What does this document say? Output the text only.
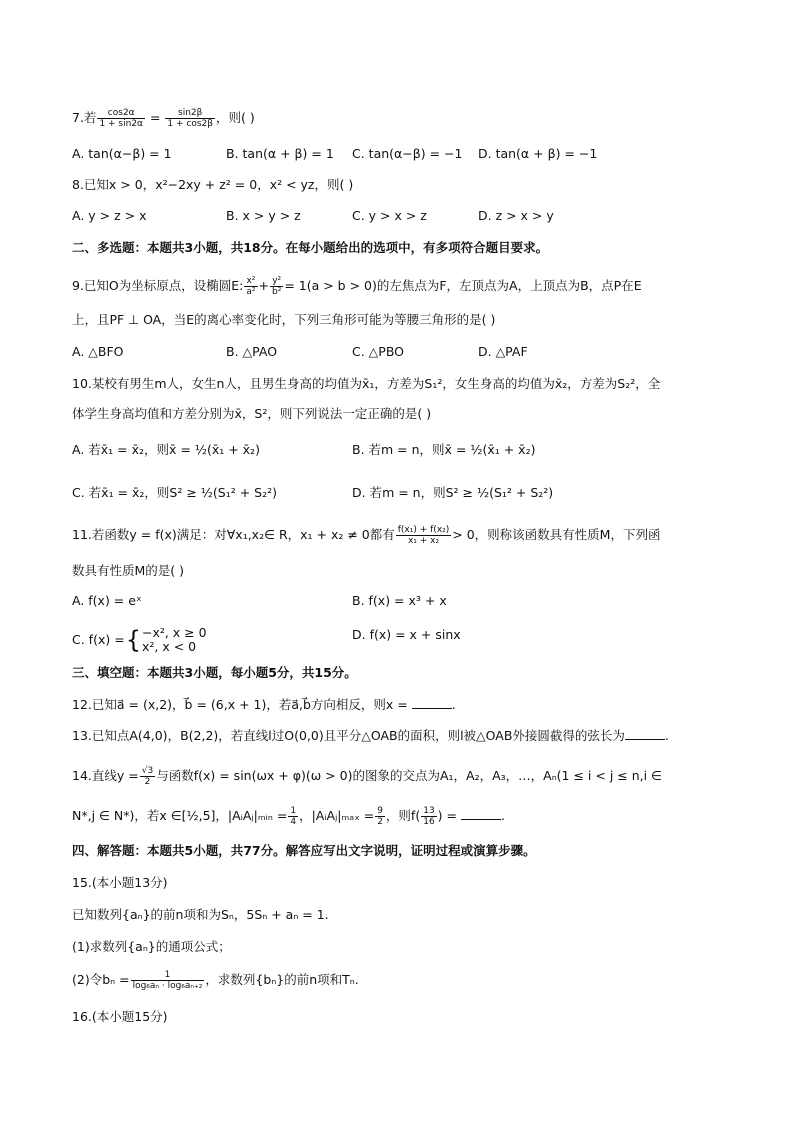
7.若 $\frac{\cos 2\alpha}{1 + \sin 2\alpha} = \frac{\sin 2\beta}{1 + \cos 2\beta}$ ，则( )
A. tan(α−β) = 1	B. tan(α + β) = 1 C. tan(α−β) = −1 D. tan(α + β) = −1
8.已知x > 0，x²−2xy + z² = 0，x² < yz，则( )
A. y > z > x	B. x > y > z	C. y > x > z	D. z > x > y
二、多选题：本题共3小题，共18分。在每小题给出的选项中，有多项符合题目要求。
9.已知O为坐标原点，设椭圆E: $\frac{\text{x²}}{\text{a²}} + \frac{\text{y²}}{\text{b²}} = 1(a > b > 0)$的左焦点为F，左顶点为A，上顶点为B，点P在E
上，且PF ⊥ OA，当E的离心率变化时，下列三角形可能为等腰三角形的是( )
A. △BFO	B. △PAO	C. △PBO	D. △PAF
10.某校有男生m人，女生n人，且男生身高的均值为x̄₁，方差为S₁²，女生身高的均值为x̄₂，方差为S₂²，全
体学生身高均值和方差分别为x̄，S²，则下列说法一定正确的是( )
A. 若x̄₁ = x̄₂，则x̄ = ½(x̄₁ + x̄₂)	B. 若m = n，则x̄ = ½(x̄₁ + x̄₂)
C. 若x̄₁ = x̄₂，则S² ≥ ½(S₁² + S₂²)	D. 若m = n，则S² ≥ ½(S₁² + S₂²)
11.若函数y = f(x)满足：对∀x₁,x₂∈ R，x₁ + x₂ ≠ 0都有 $\frac{\text{f(x₁) + f(x₂)}}{\text{x₁ + x₂}} > 0$，则称该函数具有性质M，下列函
数具有性质M的是( )
A. f(x) = eˣ	B. f(x) = x³ + x
C. f(x) = { −x², x ≥ 0
x², x < 0
D. f(x) = x + sinx
三、填空题：本题共3小题，每小题5分，共15分。
12.已知a⃗ = (x,2)，b⃗ = (6,x + 1)，若a⃗,b⃗方向相反，则x =	.
13.已知点A(4,0)，B(2,2)，若直线l过O(0,0)且平分△OAB的面积，则l被△OAB外接圆截得的弦长为	.
14.直线$y = \frac{√3}{2}$ 与函数f(x) = sin(ωx + φ)(ω > 0)的图象的交点为A₁，A₂，A₃，…，Aₙ(1 ≤ i < j ≤ n,i ∈
N*,j ∈ N*)，若x ∈[½,5]，|AᵢAⱼ|ₘᵢₙ = $\frac{1}{4}$ ，|AᵢAⱼ|ₘₐₓ = $\frac{9}{2}$ ，则$f( \frac{13}{16}$ ) =	.
四、解答题：本题共5小题，共77分。解答应写出文字说明，证明过程或演算步骤。
15.(本小题13分)
已知数列{aₙ}的前n项和为Sₙ，5Sₙ + aₙ = 1.
(1)求数列{aₙ}的通项公式；
(2)令$b_n = \frac{1}{\text{log₆aₙ · log₆aₙ₊₂}}$ ，求数列{bₙ}的前n项和Tₙ.
16.(本小题15分)
